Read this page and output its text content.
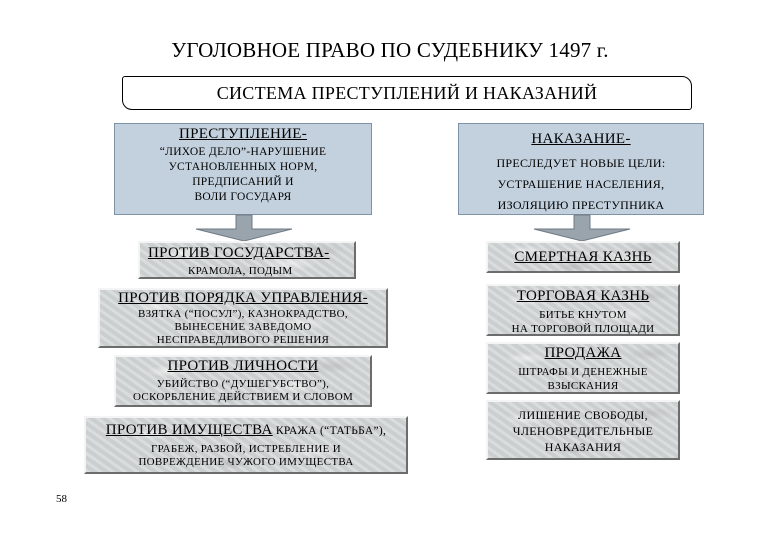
УГОЛОВНОЕ ПРАВО ПО СУДЕБНИКУ 1497 г.
СИСТЕМА ПРЕСТУПЛЕНИЙ И НАКАЗАНИЙ
ПРЕСТУПЛЕНИЕ-
“ЛИХОЕ ДЕЛО”-НАРУШЕНИЕ
УСТАНОВЛЕННЫХ НОРМ,
ПРЕДПИСАНИЙ И
ВОЛИ ГОСУДАРЯ
НАКАЗАНИЕ-
ПРЕСЛЕДУЕТ НОВЫЕ ЦЕЛИ:
УСТРАШЕНИЕ НАСЕЛЕНИЯ,
ИЗОЛЯЦИЮ ПРЕСТУПНИКА
ПРОТИВ ГОСУДАРСТВА-
КРАМОЛА, ПОДЫМ
ПРОТИВ ПОРЯДКА УПРАВЛЕНИЯ-
ВЗЯТКА (“ПОСУЛ”), КАЗНОКРАДСТВО,
ВЫНЕСЕНИЕ ЗАВЕДОМО
НЕСПРАВЕДЛИВОГО РЕШЕНИЯ
ПРОТИВ ЛИЧНОСТИ
УБИЙСТВО (“ДУШЕГУБСТВО”),
ОСКОРБЛЕНИЕ ДЕЙСТВИЕМ И СЛОВОМ
ПРОТИВ ИМУЩЕСТВА КРАЖА (“ТАТЬБА”),
ГРАБЕЖ, РАЗБОЙ, ИСТРЕБЛЕНИЕ И
ПОВРЕЖДЕНИЕ ЧУЖОГО ИМУЩЕСТВА
СМЕРТНАЯ КАЗНЬ
ТОРГОВАЯ КАЗНЬ
БИТЬЕ КНУТОМ
НА ТОРГОВОЙ ПЛОЩАДИ
ПРОДАЖА
ШТРАФЫ И ДЕНЕЖНЫЕ
ВЗЫСКАНИЯ
ЛИШЕНИЕ СВОБОДЫ,
ЧЛЕНОВРЕДИТЕЛЬНЫЕ
НАКАЗАНИЯ
58
